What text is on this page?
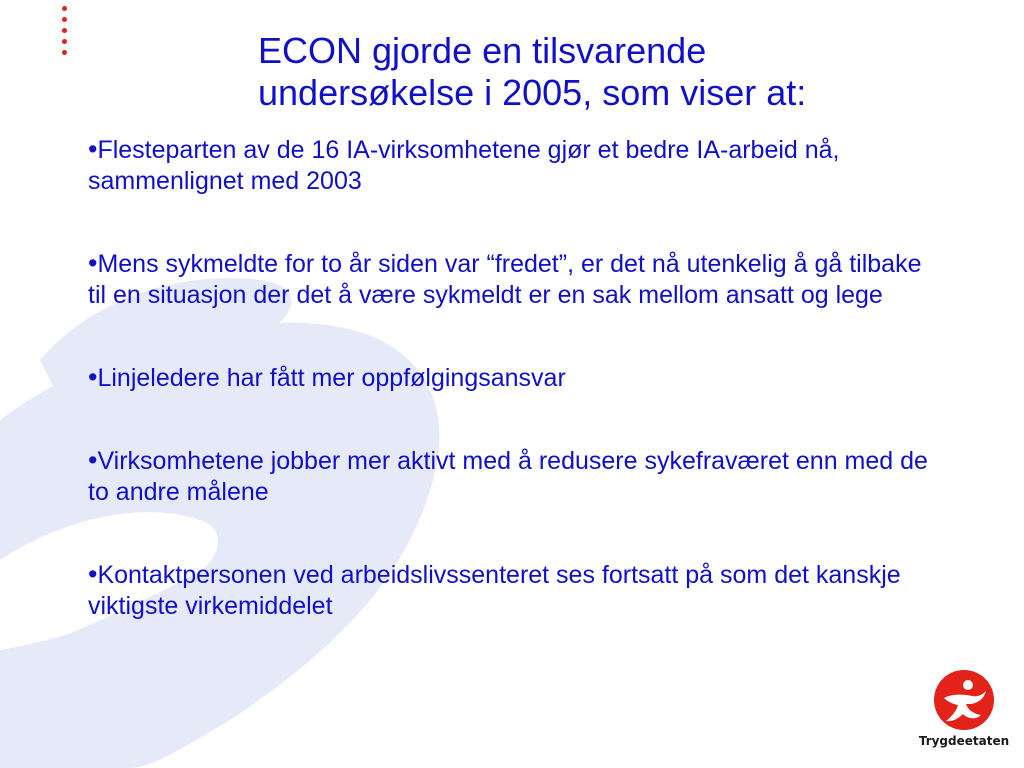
ECON gjorde en tilsvarende
undersøkelse i 2005, som viser at:
•Flesteparten av de 16 IA-virksomhetene gjør et bedre IA-arbeid nå, sammenlignet med 2003
•Mens sykmeldte for to år siden var “fredet”, er det nå utenkelig å gå tilbake til en situasjon der det å være sykmeldt er en sak mellom ansatt og lege
•Linjeledere har fått mer oppfølgingsansvar
•Virksomhetene jobber mer aktivt med å redusere sykefraværet enn med de to andre målene
•Kontaktpersonen ved arbeidslivssenteret ses fortsatt på som det kanskje viktigste virkemiddelet
Trygdeetaten
